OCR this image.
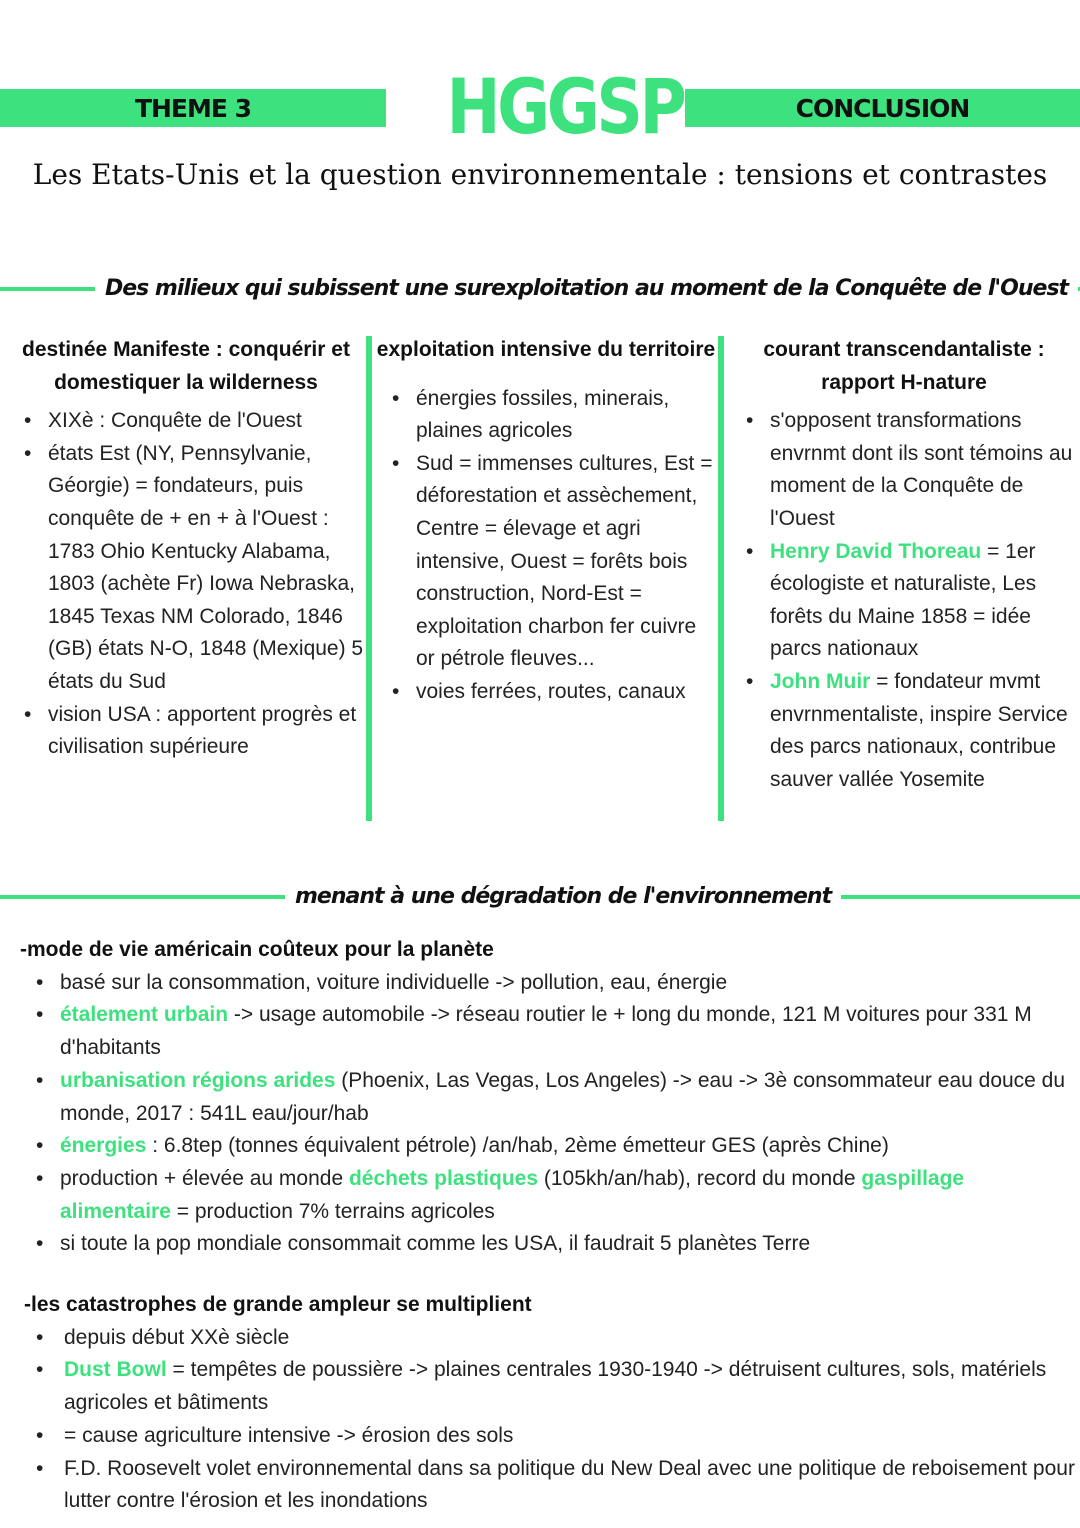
THEME 3	HGGSP	CONCLUSION
Les Etats-Unis et la question environnementale : tensions et contrastes
Des milieux qui subissent une surexploitation au moment de la Conquête de l'Ouest
destinée Manifeste : conquérir et domestiquer la wilderness
• XIXè : Conquête de l'Ouest
• états Est (NY, Pennsylvanie, Géorgie) = fondateurs, puis conquête de + en + à l'Ouest : 1783 Ohio Kentucky Alabama, 1803 (achète Fr) Iowa Nebraska, 1845 Texas NM Colorado, 1846 (GB) états N-O, 1848 (Mexique) 5 états du Sud
• vision USA : apportent progrès et civilisation supérieure
exploitation intensive du territoire
• énergies fossiles, minerais, plaines agricoles
• Sud = immenses cultures, Est = déforestation et assèchement, Centre = élevage et agri intensive, Ouest = forêts bois construction, Nord-Est = exploitation charbon fer cuivre or pétrole fleuves...
• voies ferrées, routes, canaux
courant transcendantaliste : rapport H-nature
• s'opposent transformations envrnmt dont ils sont témoins au moment de la Conquête de l'Ouest
• Henry David Thoreau = 1er écologiste et naturaliste, Les forêts du Maine 1858 = idée parcs nationaux
• John Muir = fondateur mvmt envrnmentaliste, inspire Service des parcs nationaux, contribue sauver vallée Yosemite
menant à une dégradation de l'environnement
-mode de vie américain coûteux pour la planète
• basé sur la consommation, voiture individuelle -> pollution, eau, énergie
• étalement urbain -> usage automobile -> réseau routier le + long du monde, 121 M voitures pour 331 M d'habitants
• urbanisation régions arides (Phoenix, Las Vegas, Los Angeles) -> eau -> 3è consommateur eau douce du monde, 2017 : 541L eau/jour/hab
• énergies : 6.8tep (tonnes équivalent pétrole) /an/hab, 2ème émetteur GES (après Chine)
• production + élevée au monde déchets plastiques (105kh/an/hab), record du monde gaspillage alimentaire = production 7% terrains agricoles
• si toute la pop mondiale consommait comme les USA, il faudrait 5 planètes Terre
-les catastrophes de grande ampleur se multiplient
• depuis début XXè siècle
• Dust Bowl = tempêtes de poussière -> plaines centrales 1930-1940 -> détruisent cultures, sols, matériels agricoles et bâtiments
• = cause agriculture intensive -> érosion des sols
• F.D. Roosevelt volet environnemental dans sa politique du New Deal avec une politique de reboisement pour lutter contre l'érosion et les inondations
